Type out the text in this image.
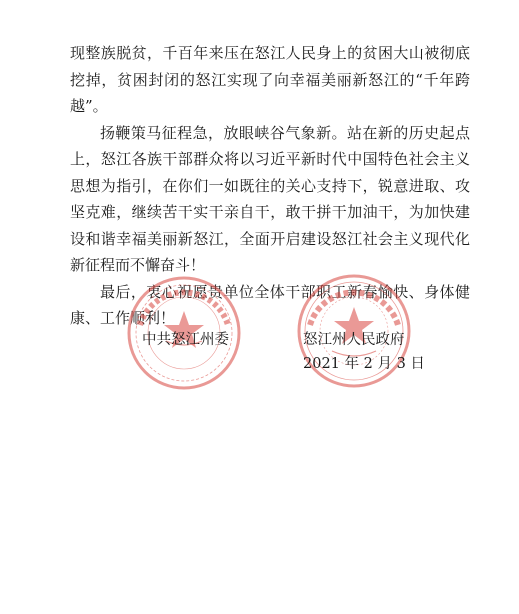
现整族脱贫，千百年来压在怒江人民身上的贫困大山被彻底挖掉，贫困封闭的怒江实现了向幸福美丽新怒江的“千年跨越”。

扬鞭策马征程急，放眼峡谷气象新。站在新的历史起点上，怒江各族干部群众将以习近平新时代中国特色社会主义思想为指引，在你们一如既往的关心支持下，锐意进取、攻坚克难，继续苦干实干亲自干，敢干拼干加油干，为加快建设和谐幸福美丽新怒江，全面开启建设怒江社会主义现代化新征程而不懈奋斗！

最后，衷心祝愿贵单位全体干部职工新春愉快、身体健康、工作顺利！

中共怒江州委	怒江州人民政府
2021 年 2 月 3 日
